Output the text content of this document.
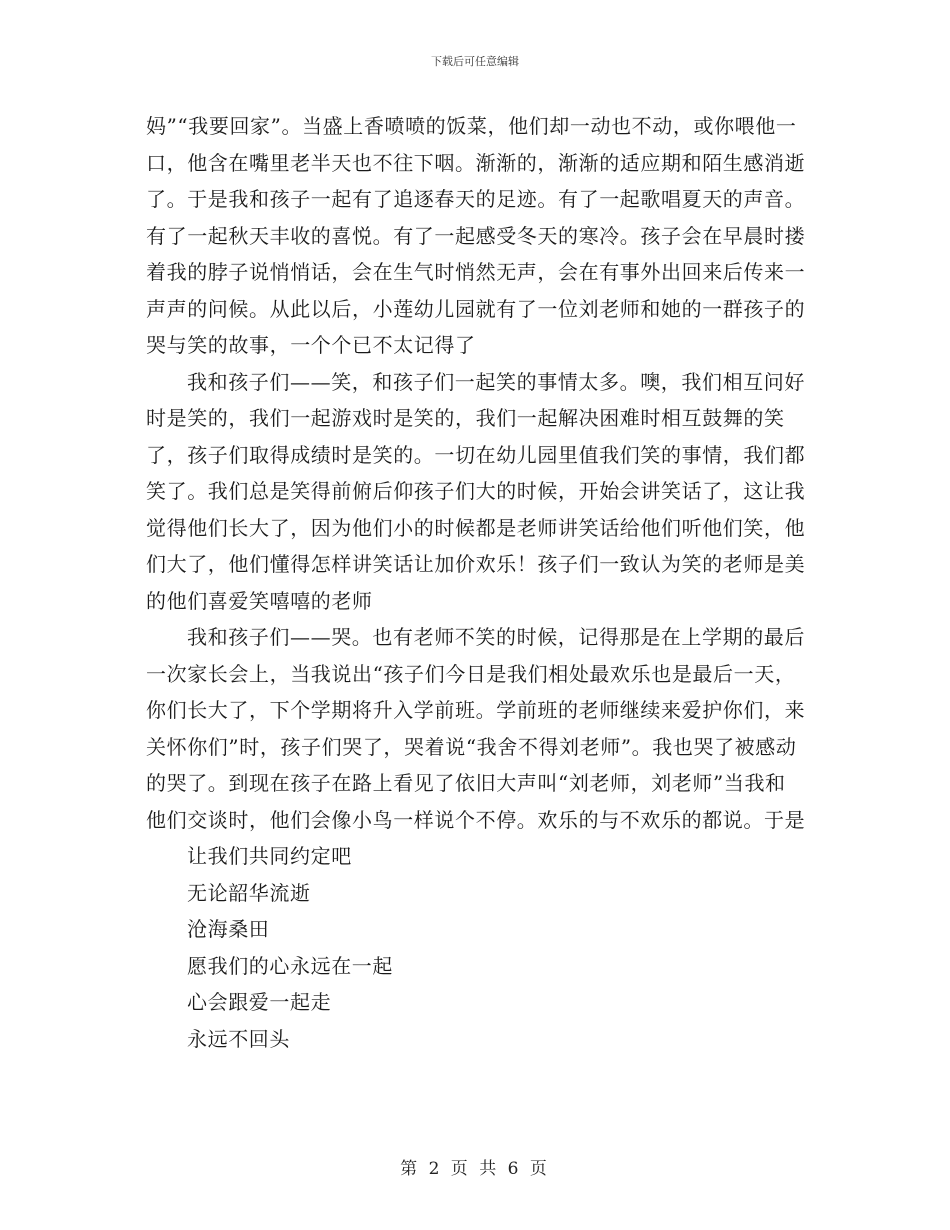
下载后可任意编辑

妈”“我要回家”。当盛上香喷喷的饭菜，他们却一动也不动，或你喂他一口，他含在嘴里老半天也不往下咽。渐渐的，渐渐的适应期和陌生感消逝了。于是我和孩子一起有了追逐春天的足迹。有了一起歌唱夏天的声音。有了一起秋天丰收的喜悦。有了一起感受冬天的寒冷。孩子会在早晨时搂着我的脖子说悄悄话，会在生气时悄然无声，会在有事外出回来后传来一声声的问候。从此以后，小莲幼儿园就有了一位刘老师和她的一群孩子的哭与笑的故事，一个个已不太记得了

我和孩子们——笑，和孩子们一起笑的事情太多。噢，我们相互问好时是笑的，我们一起游戏时是笑的，我们一起解决困难时相互鼓舞的笑了，孩子们取得成绩时是笑的。一切在幼儿园里值我们笑的事情，我们都笑了。我们总是笑得前俯后仰孩子们大的时候，开始会讲笑话了，这让我觉得他们长大了，因为他们小的时候都是老师讲笑话给他们听他们笑，他们大了，他们懂得怎样讲笑话让加价欢乐！孩子们一致认为笑的老师是美的他们喜爱笑嘻嘻的老师

我和孩子们——哭。也有老师不笑的时候，记得那是在上学期的最后一次家长会上，当我说出“孩子们今日是我们相处最欢乐也是最后一天，你们长大了，下个学期将升入学前班。学前班的老师继续来爱护你们，来关怀你们”时，孩子们哭了，哭着说“我舍不得刘老师”。我也哭了被感动的哭了。到现在孩子在路上看见了依旧大声叫“刘老师，刘老师”当我和他们交谈时，他们会像小鸟一样说个不停。欢乐的与不欢乐的都说。于是

让我们共同约定吧

无论韶华流逝

沧海桑田

愿我们的心永远在一起

心会跟爱一起走

永远不回头

第 2 页 共 6 页
